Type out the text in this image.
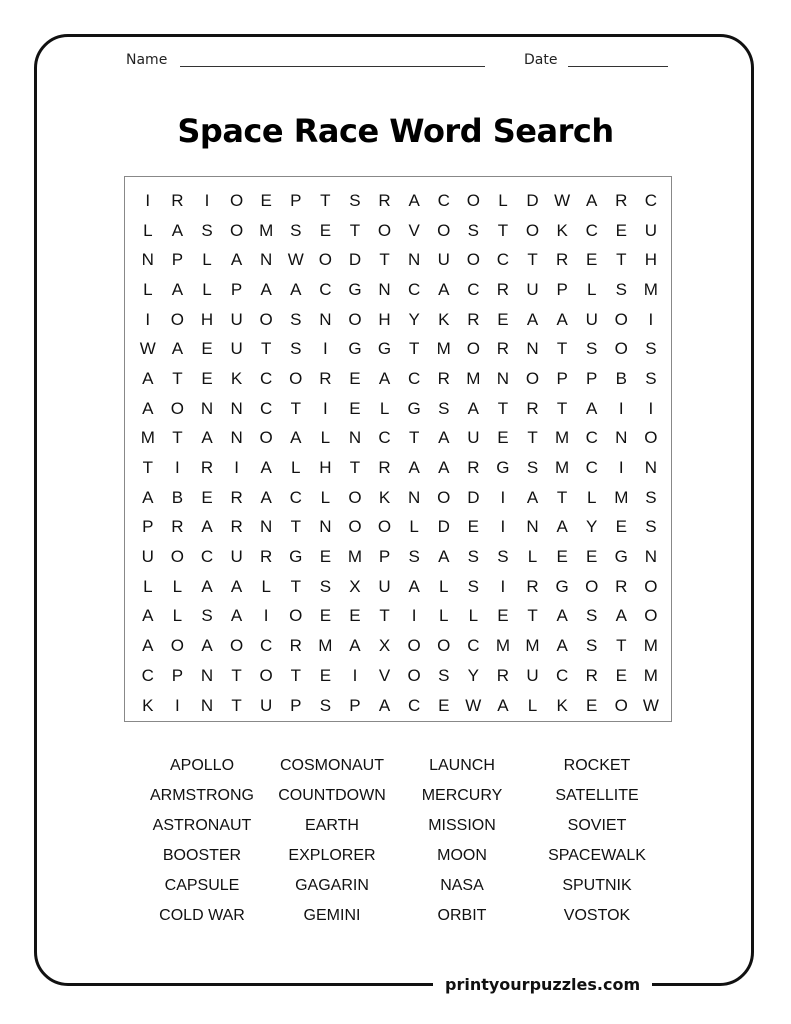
Name	Date
Space Race Word Search
I	R	I	O	E	P	T	S	R	A	C O	L	D W A	R	C
L	A	S	O M S	E	T	O	V	O	S	T	O	K	C	E	U
N	P	L	A	N W O D	T	N	U O C	T	R	E	T	H
L	A	L	P	A	A	C G N	C	A	C	R	U	P	L	S M
I	O H	U O	S	N O H	Y	K	R	E	A	A	U O	I
W A	E	U	T	S	I	G G	T	M O R	N	T	S	O	S
A	T	E	K	C O R	E	A	C	R M N O	P	P	B	S
A	O N	N	C	T	I	E	L	G	S	A	T	R	T	A	I	I
M	T	A	N O	A	L	N	C	T	A	U	E	T	M C	N O
T	I	R	I	A	L	H	T	R	A	A	R G	S M C	I	N
A	B	E	R	A	C	L	O	K	N O D	I	A	T	L	M S
P	R	A	R	N	T	N O O	L	D	E	I	N	A	Y	E	S
U O C	U	R G	E M P	S	A	S	S	L	E	E	G N
L	L	A	A	L	T	S	X	U	A	L	S	I	R G O R O
A	L	S	A	I	O	E	E	T	I	L	L	E	T	A	S	A	O
A	O	A	O C	R M A	X	O O C M M A	S	T	M
C	P	N	T	O	T	E	I	V	O	S	Y	R	U	C	R	E M
K	I	N	T	U	P	S	P	A	C	E W A	L	K	E	O W
APOLLO	COSMONAUT	LAUNCH	ROCKET
ARMSTRONG	COUNTDOWN	MERCURY	SATELLITE
ASTRONAUT	EARTH	MISSION	SOVIET
BOOSTER	EXPLORER	MOON	SPACEWALK
CAPSULE	GAGARIN	NASA	SPUTNIK
COLD WAR	GEMINI	ORBIT	VOSTOK
printyourpuzzles.com
